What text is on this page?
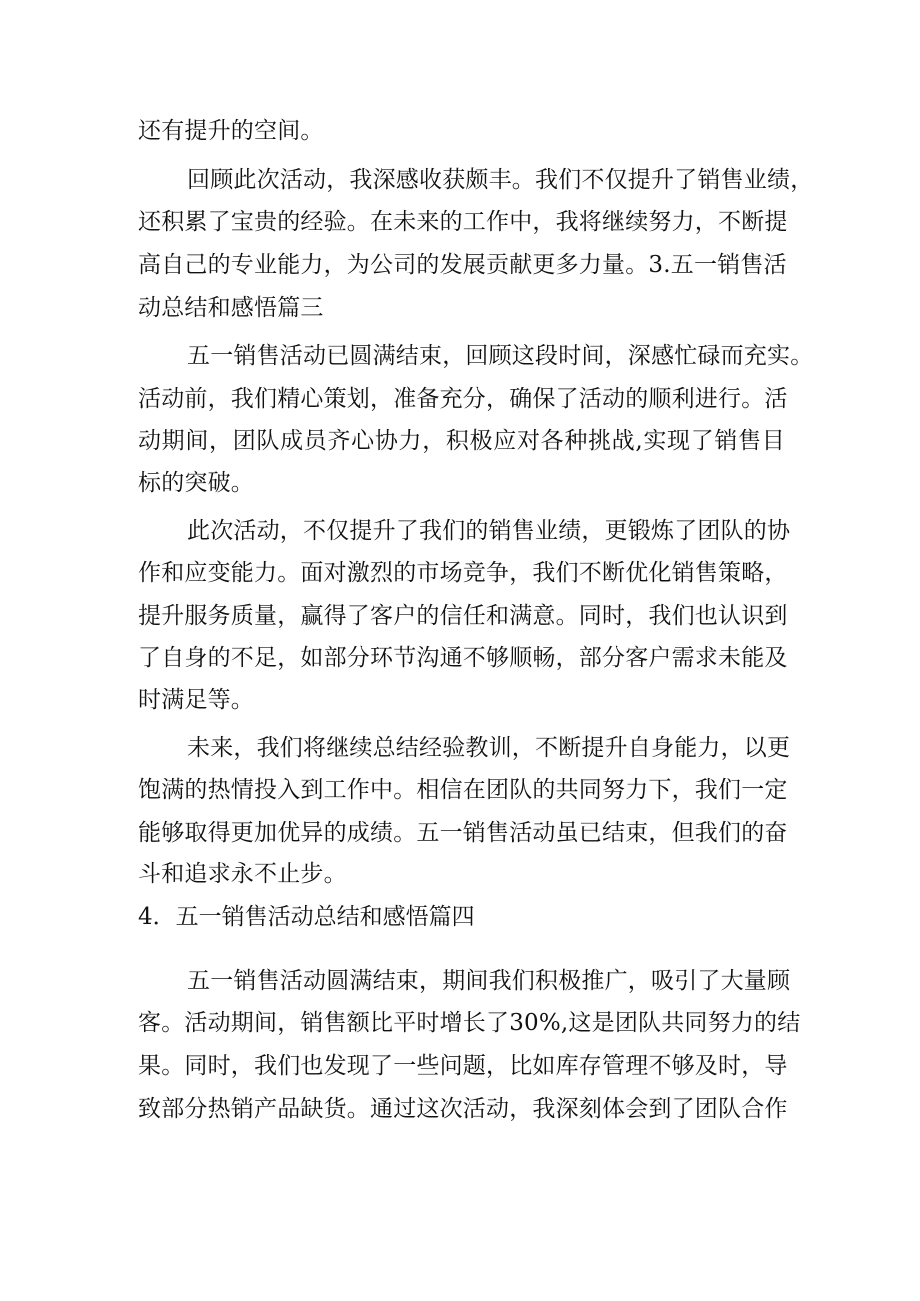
还有提升的空间。
回顾此次活动，我深感收获颇丰。我们不仅提升了销售业绩，
还积累了宝贵的经验。在未来的工作中，我将继续努力，不断提
高自己的专业能力，为公司的发展贡献更多力量。3.五一销售活
动总结和感悟篇三
五一销售活动已圆满结束，回顾这段时间，深感忙碌而充实。
活动前，我们精心策划，准备充分，确保了活动的顺利进行。活
动期间，团队成员齐心协力，积极应对各种挑战,实现了销售目
标的突破。
此次活动，不仅提升了我们的销售业绩，更锻炼了团队的协
作和应变能力。面对激烈的市场竞争，我们不断优化销售策略，
提升服务质量，赢得了客户的信任和满意。同时，我们也认识到
了自身的不足，如部分环节沟通不够顺畅，部分客户需求未能及
时满足等。
未来，我们将继续总结经验教训，不断提升自身能力，以更
饱满的热情投入到工作中。相信在团队的共同努力下，我们一定
能够取得更加优异的成绩。五一销售活动虽已结束，但我们的奋
斗和追求永不止步。
4．五一销售活动总结和感悟篇四
五一销售活动圆满结束，期间我们积极推广，吸引了大量顾
客。活动期间，销售额比平时增长了30%,这是团队共同努力的结
果。同时，我们也发现了一些问题，比如库存管理不够及时，导
致部分热销产品缺货。通过这次活动，我深刻体会到了团队合作
